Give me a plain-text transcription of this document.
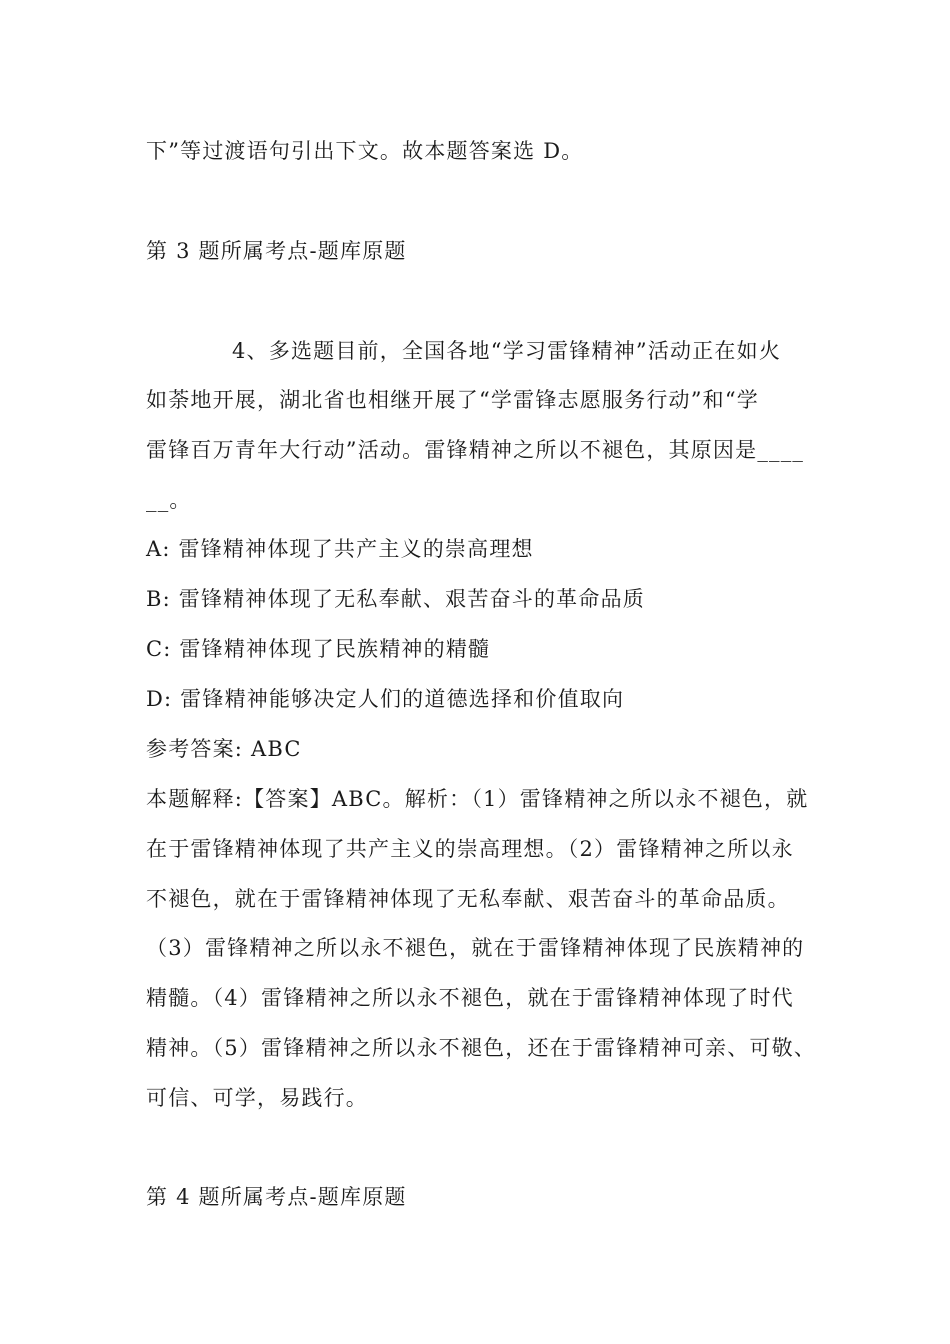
下”等过渡语句引出下文。故本题答案选 D。
第 3 题所属考点-题库原题
4、多选题目前，全国各地“学习雷锋精神”活动正在如火
如荼地开展，湖北省也相继开展了“学雷锋志愿服务行动”和“学
雷锋百万青年大行动”活动。雷锋精神之所以不褪色，其原因是____
__。
A: 雷锋精神体现了共产主义的崇高理想
B: 雷锋精神体现了无私奉献、艰苦奋斗的革命品质
C: 雷锋精神体现了民族精神的精髓
D: 雷锋精神能够决定人们的道德选择和价值取向
参考答案: ABC
本题解释:【答案】ABC。解析：（1）雷锋精神之所以永不褪色，就
在于雷锋精神体现了共产主义的崇高理想。（2）雷锋精神之所以永
不褪色，就在于雷锋精神体现了无私奉献、艰苦奋斗的革命品质。
（3）雷锋精神之所以永不褪色，就在于雷锋精神体现了民族精神的
精髓。（4）雷锋精神之所以永不褪色，就在于雷锋精神体现了时代
精神。（5）雷锋精神之所以永不褪色，还在于雷锋精神可亲、可敬、
可信、可学，易践行。
第 4 题所属考点-题库原题
